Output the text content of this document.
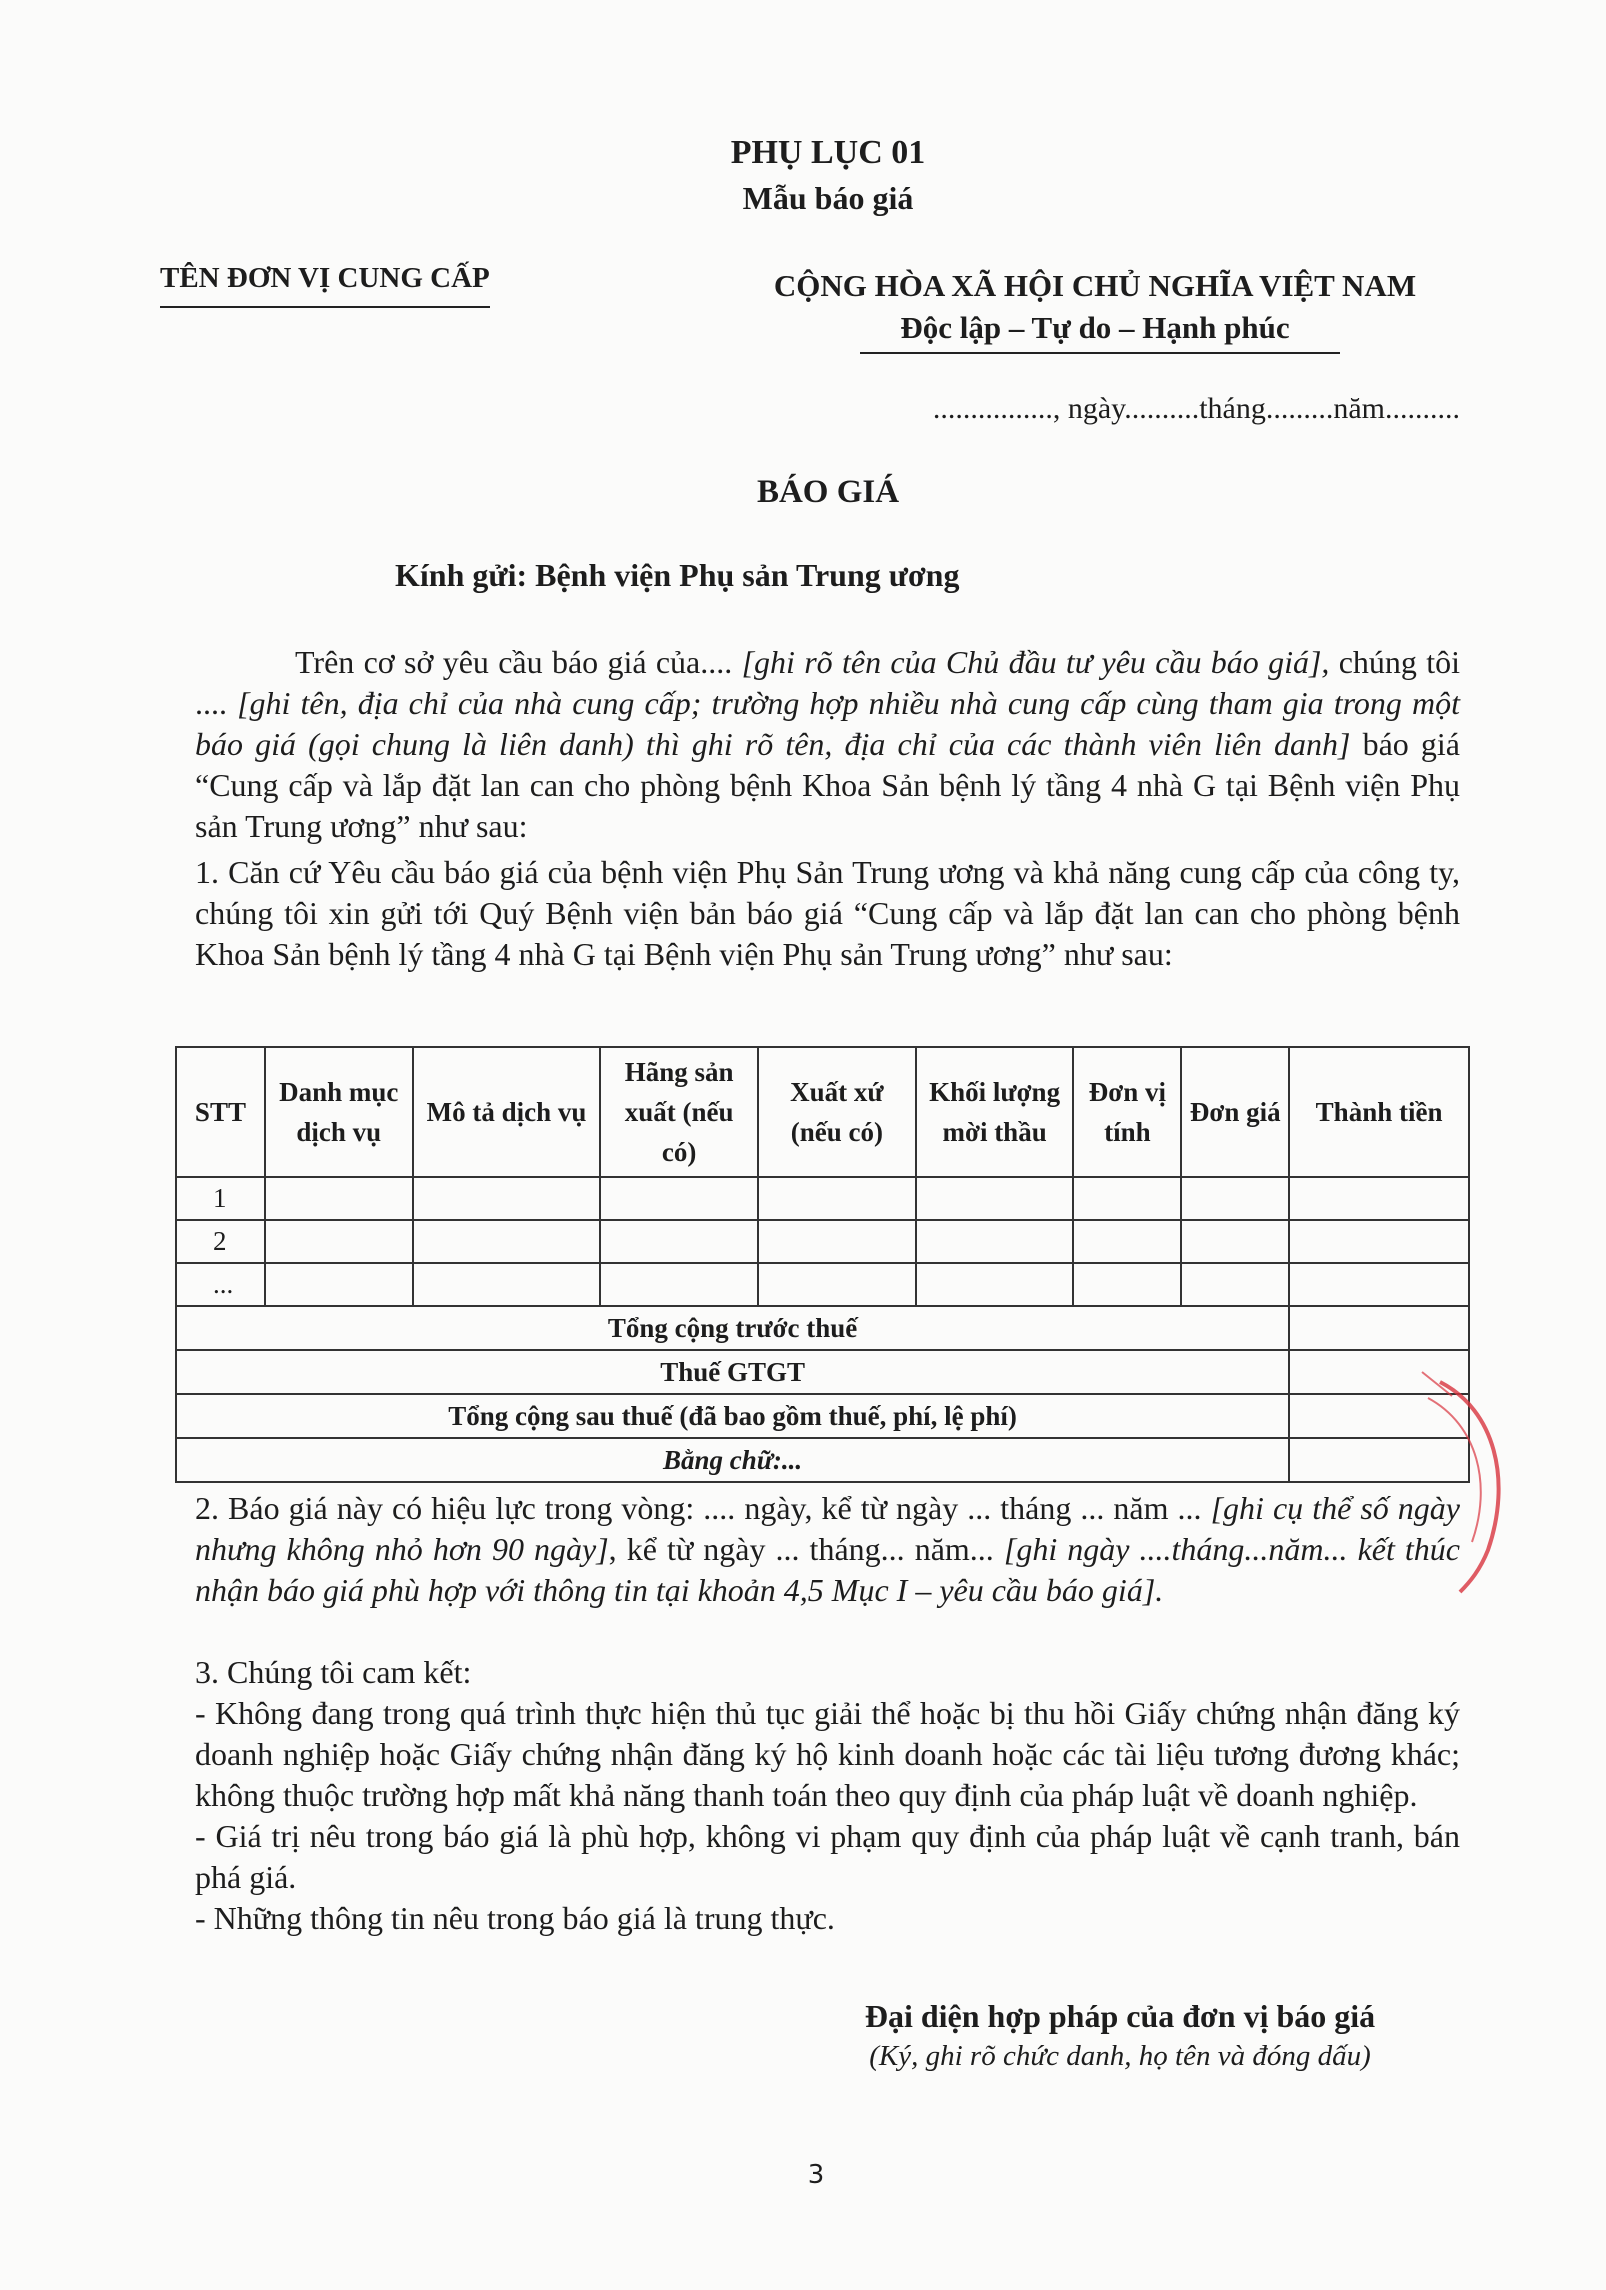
PHỤ LỤC 01
Mẫu báo giá
TÊN ĐƠN VỊ CUNG CẤP	CỘNG HÒA XÃ HỘI CHỦ NGHĨA VIỆT NAM
Độc lập – Tự do – Hạnh phúc
................, ngày..........tháng.........năm..........
BÁO GIÁ
Kính gửi: Bệnh viện Phụ sản Trung ương
Trên cơ sở yêu cầu báo giá của.... [ghi rõ tên của Chủ đầu tư yêu cầu báo giá], chúng tôi .... [ghi tên, địa chỉ của nhà cung cấp; trường hợp nhiều nhà cung cấp cùng tham gia trong một báo giá (gọi chung là liên danh) thì ghi rõ tên, địa chỉ của các thành viên liên danh] báo giá “Cung cấp và lắp đặt lan can cho phòng bệnh Khoa Sản bệnh lý tầng 4 nhà G tại Bệnh viện Phụ sản Trung ương” như sau:
1. Căn cứ Yêu cầu báo giá của bệnh viện Phụ Sản Trung ương và khả năng cung cấp của công ty, chúng tôi xin gửi tới Quý Bệnh viện bản báo giá “Cung cấp và lắp đặt lan can cho phòng bệnh Khoa Sản bệnh lý tầng 4 nhà G tại Bệnh viện Phụ sản Trung ương” như sau:
STT	Danh mục dịch vụ	Mô tả dịch vụ	Hãng sản xuất (nếu có)	Xuất xứ (nếu có)	Khối lượng mời thầu	Đơn vị tính	Đơn giá	Thành tiền
1								
2								
...								
Tổng cộng trước thuế								
Thuế GTGT								
Tổng cộng sau thuế (đã bao gồm thuế, phí, lệ phí)								
Bằng chữ:...								
2. Báo giá này có hiệu lực trong vòng: .... ngày, kể từ ngày ... tháng ... năm ... [ghi cụ thể số ngày nhưng không nhỏ hơn 90 ngày], kể từ ngày ... tháng... năm... [ghi ngày ....tháng...năm... kết thúc nhận báo giá phù hợp với thông tin tại khoản 4,5 Mục I – yêu cầu báo giá].
3. Chúng tôi cam kết:
- Không đang trong quá trình thực hiện thủ tục giải thể hoặc bị thu hồi Giấy chứng nhận đăng ký doanh nghiệp hoặc Giấy chứng nhận đăng ký hộ kinh doanh hoặc các tài liệu tương đương khác; không thuộc trường hợp mất khả năng thanh toán theo quy định của pháp luật về doanh nghiệp.
- Giá trị nêu trong báo giá là phù hợp, không vi phạm quy định của pháp luật về cạnh tranh, bán phá giá.
- Những thông tin nêu trong báo giá là trung thực.
Đại diện hợp pháp của đơn vị báo giá
(Ký, ghi rõ chức danh, họ tên và đóng dấu)
3
